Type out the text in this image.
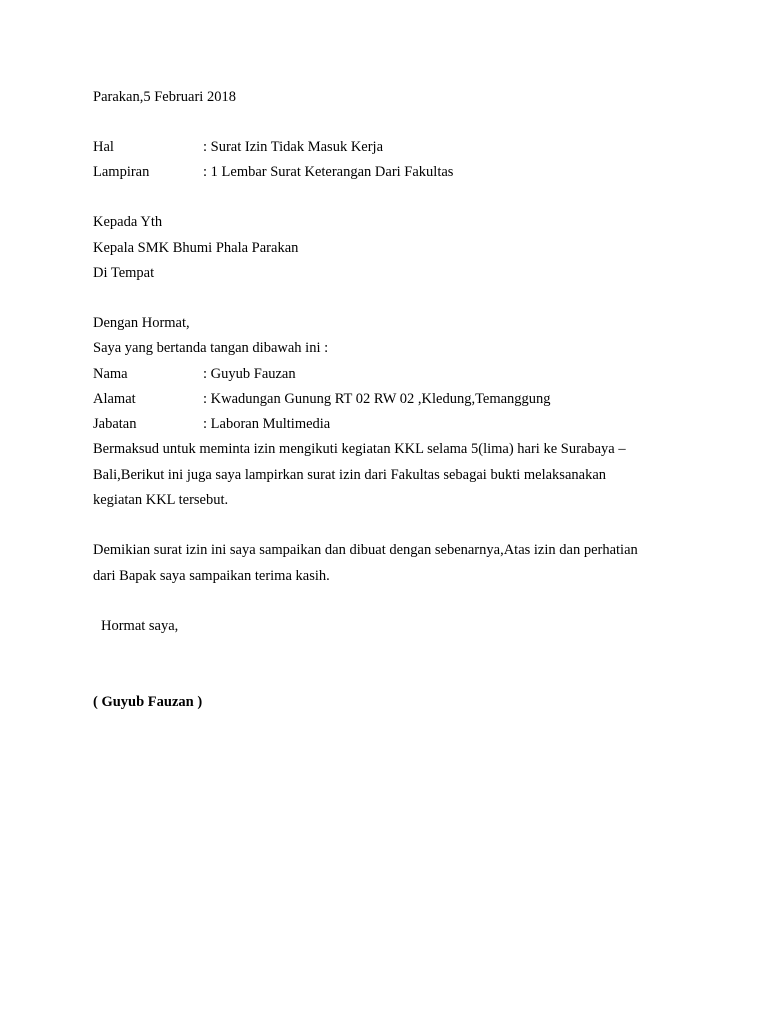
Parakan,5 Februari 2018
Hal	: Surat Izin Tidak Masuk Kerja
Lampiran	: 1 Lembar Surat Keterangan Dari Fakultas
Kepada Yth
Kepala SMK Bhumi Phala Parakan
Di Tempat
Dengan Hormat,
Saya yang bertanda tangan dibawah ini :
Nama	: Guyub Fauzan
Alamat	: Kwadungan Gunung RT 02 RW 02 ,Kledung,Temanggung
Jabatan	: Laboran Multimedia
Bermaksud untuk meminta izin mengikuti kegiatan KKL selama 5(lima) hari ke Surabaya –
Bali,Berikut ini juga saya lampirkan surat izin dari Fakultas sebagai bukti melaksanakan
kegiatan KKL tersebut.
Demikian surat izin ini saya sampaikan dan dibuat dengan sebenarnya,Atas izin dan perhatian
dari Bapak saya sampaikan terima kasih.
Hormat saya,
( Guyub Fauzan )
